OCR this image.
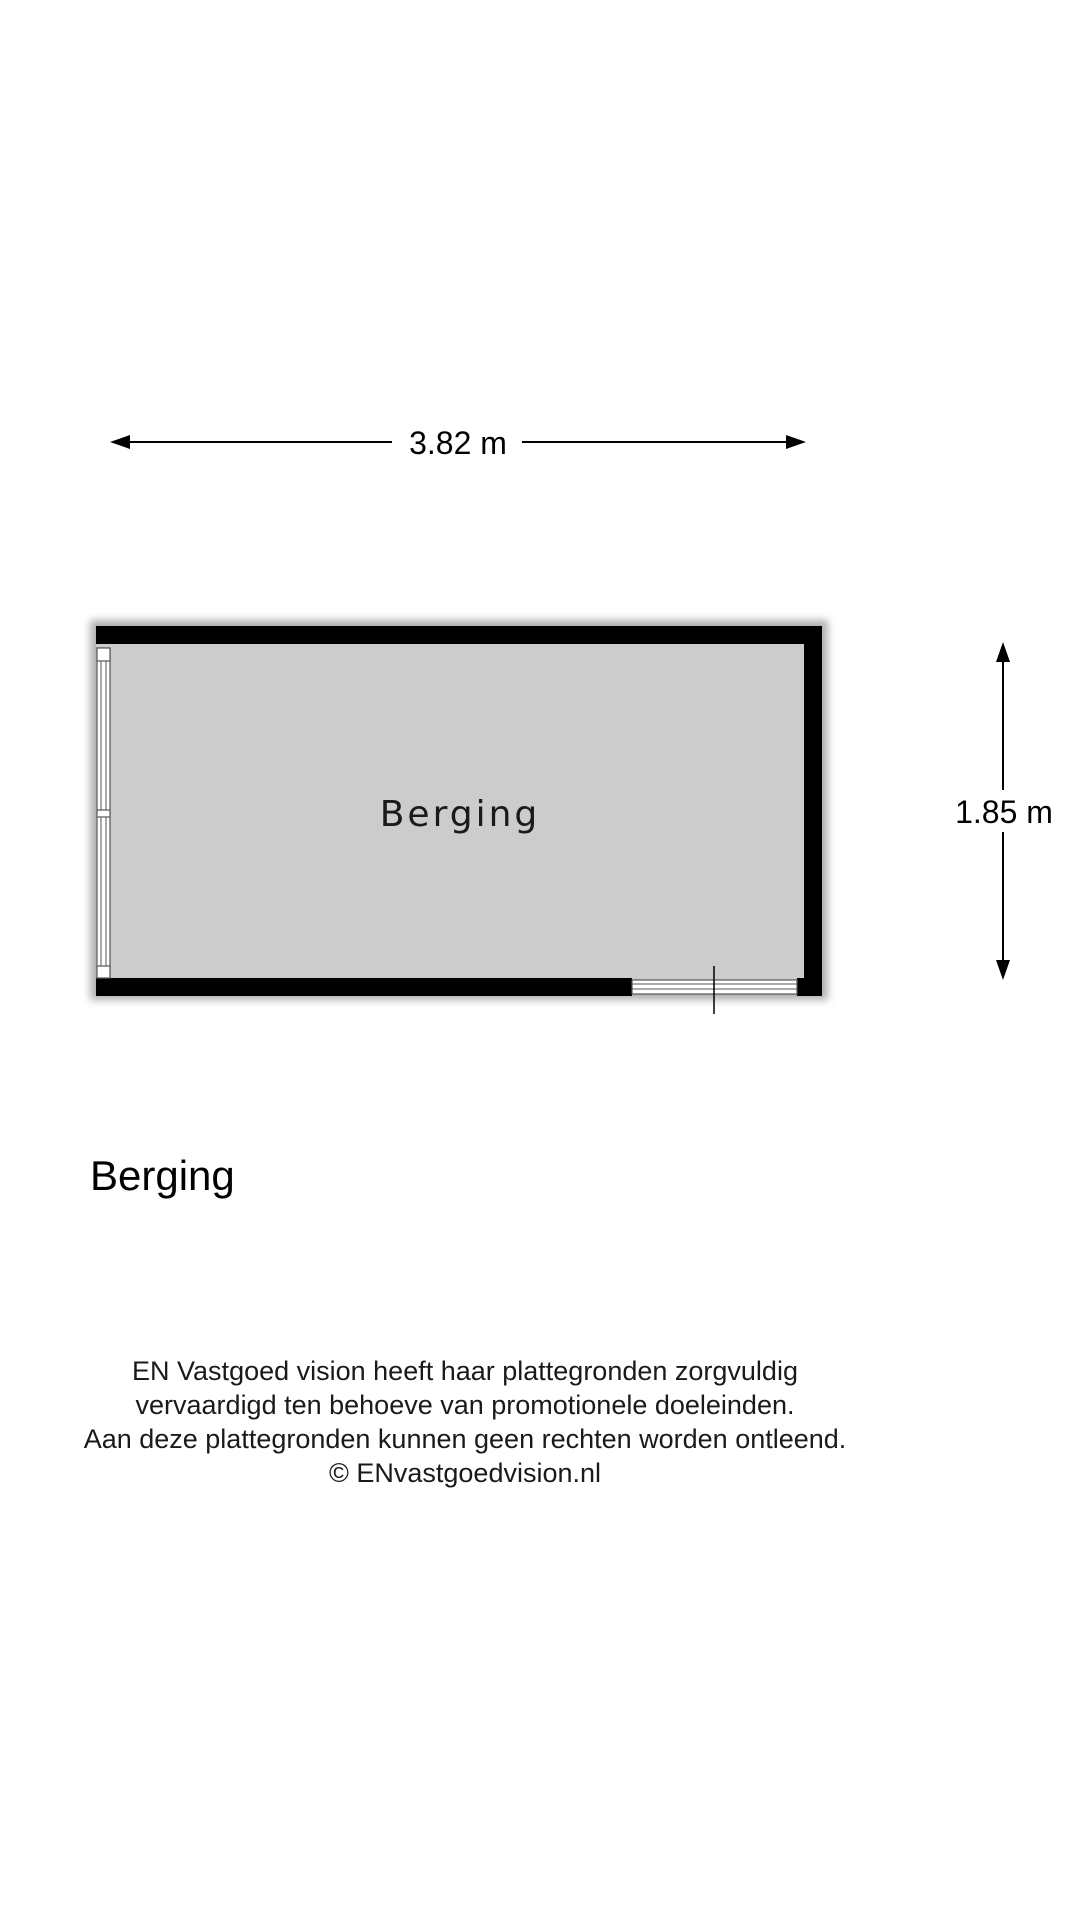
3.82 m
1.85 m
Berging
Berging
EN Vastgoed vision heeft haar plattegronden zorgvuldig
vervaardigd ten behoeve van promotionele doeleinden.
Aan deze plattegronden kunnen geen rechten worden ontleend.
© ENvastgoedvision.nl
